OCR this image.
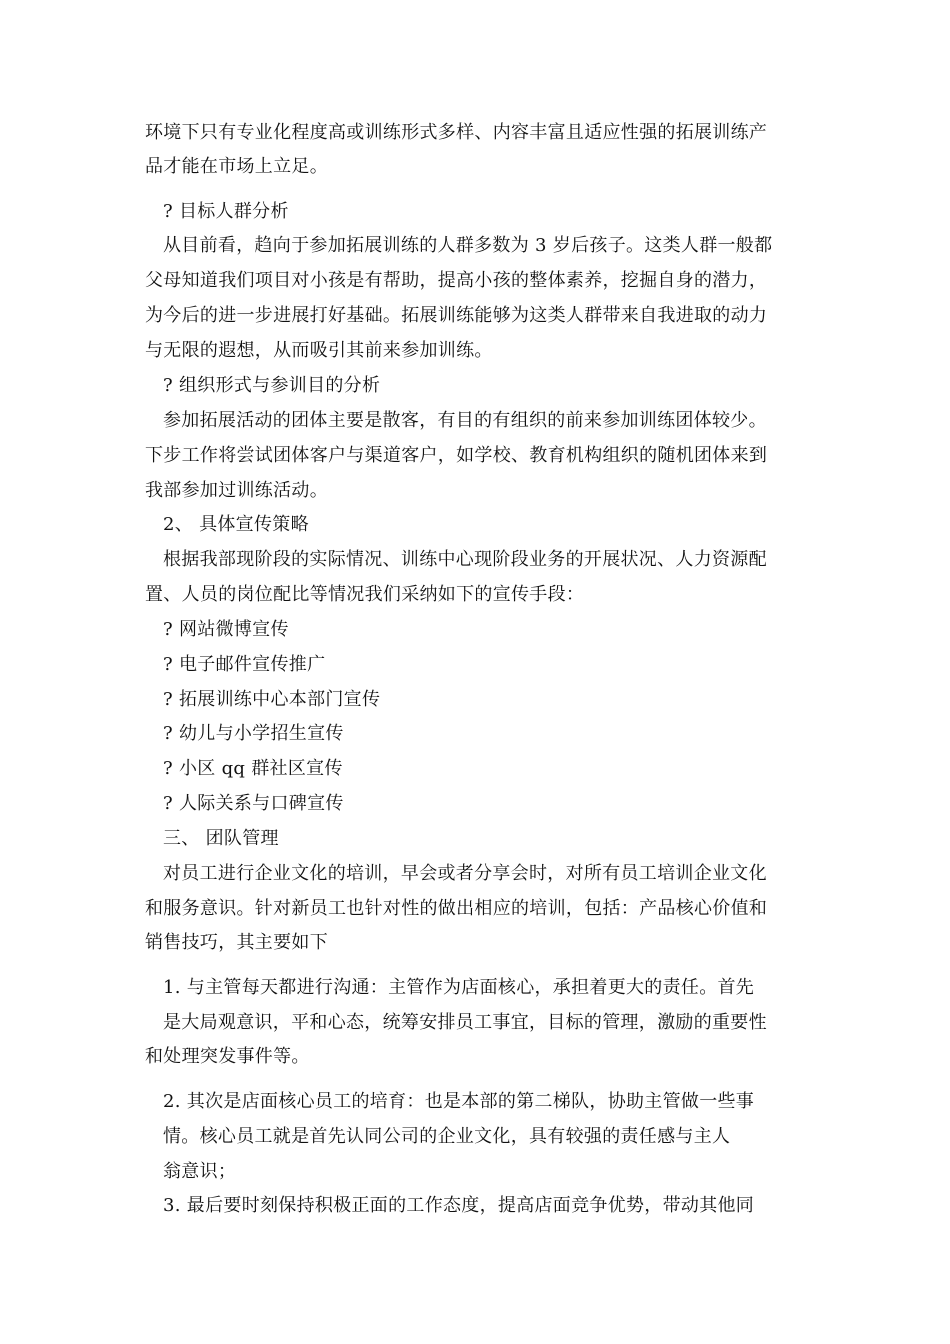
环境下只有专业化程度高或训练形式多样、内容丰富且适应性强的拓展训练产
品才能在市场上立足。
? 目标人群分析
从目前看，趋向于参加拓展训练的人群多数为 3 岁后孩子。这类人群一般都
父母知道我们项目对小孩是有帮助，提高小孩的整体素养，挖掘自身的潜力，
为今后的进一步进展打好基础。拓展训练能够为这类人群带来自我进取的动力
与无限的遐想，从而吸引其前来参加训练。
? 组织形式与参训目的分析
参加拓展活动的团体主要是散客，有目的有组织的前来参加训练团体较少。
下步工作将尝试团体客户与渠道客户，如学校、教育机构组织的随机团体来到
我部参加过训练活动。
2、 具体宣传策略
根据我部现阶段的实际情况、训练中心现阶段业务的开展状况、人力资源配
置、人员的岗位配比等情况我们采纳如下的宣传手段：
? 网站微博宣传
? 电子邮件宣传推广
? 拓展训练中心本部门宣传
? 幼儿与小学招生宣传
? 小区 qq 群社区宣传
? 人际关系与口碑宣传
三、 团队管理
对员工进行企业文化的培训，早会或者分享会时，对所有员工培训企业文化
和服务意识。针对新员工也针对性的做出相应的培训，包括：产品核心价值和
销售技巧，其主要如下
1. 与主管每天都进行沟通：主管作为店面核心，承担着更大的责任。首先
是大局观意识，平和心态，统筹安排员工事宜，目标的管理，激励的重要性
和处理突发事件等。
2. 其次是店面核心员工的培育：也是本部的第二梯队，协助主管做一些事
情。核心员工就是首先认同公司的企业文化，具有较强的责任感与主人
翁意识；
3. 最后要时刻保持积极正面的工作态度，提高店面竞争优势，带动其他同
